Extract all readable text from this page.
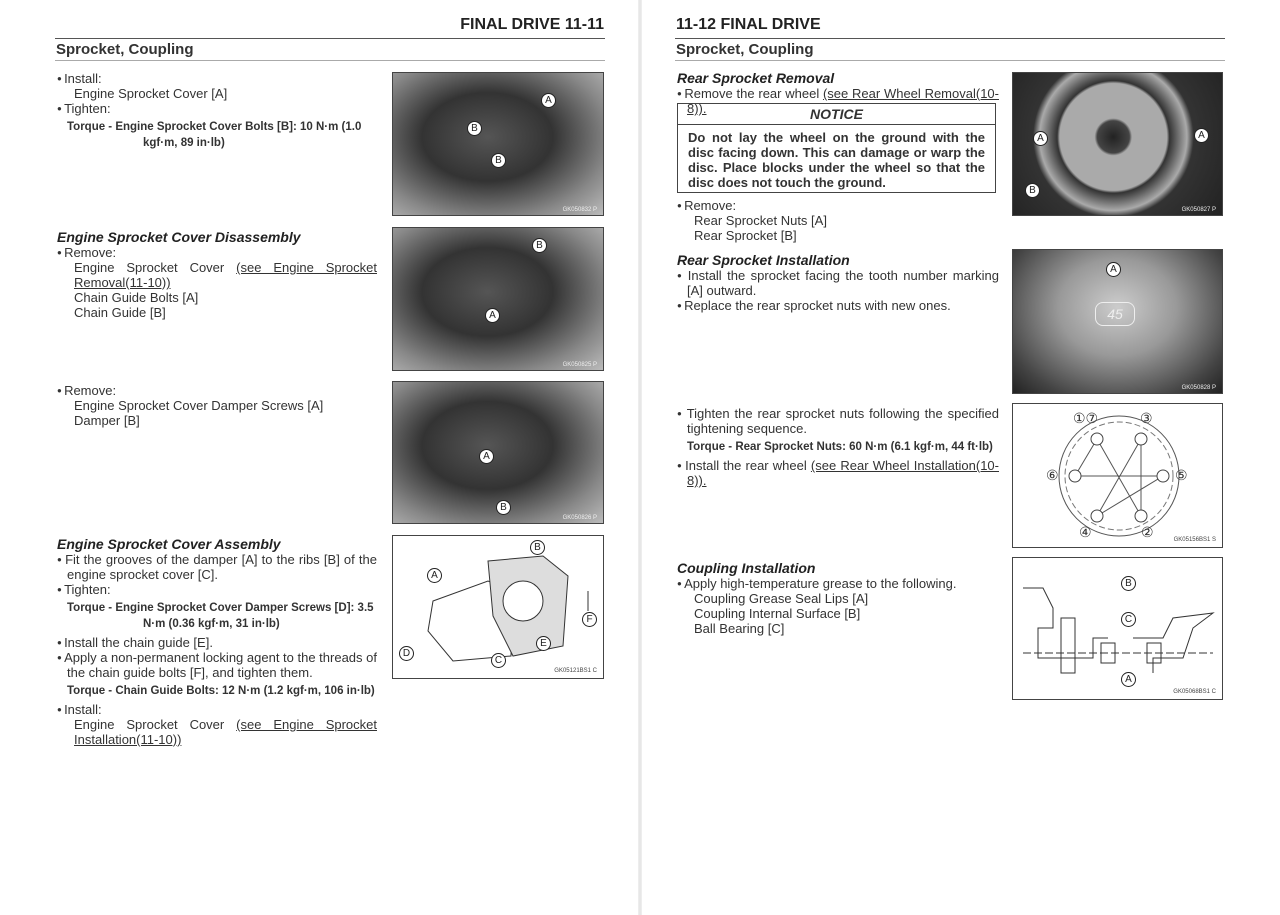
FINAL DRIVE 11-11
Sprocket, Coupling
● Install:
Engine Sprocket Cover [A]
● Tighten:
Torque - Engine Sprocket Cover Bolts [B]: 10 N·m (1.0
kgf·m, 89 in·lb)
A
B
B
GK050832 P
Engine Sprocket Cover Disassembly
● Remove:
Engine Sprocket Cover (see Engine Sprocket Removal(11-10))
Chain Guide Bolts [A]
Chain Guide [B]
B
A
GK050825 P
● Remove:
Engine Sprocket Cover Damper Screws [A]
Damper [B]
A
B
GK050826 P
Engine Sprocket Cover Assembly
● Fit the grooves of the damper [A] to the ribs [B] of the engine sprocket cover [C].
● Tighten:
Torque - Engine Sprocket Cover Damper Screws [D]: 3.5
N·m (0.36 kgf·m, 31 in·lb)
● Install the chain guide [E].
● Apply a non-permanent locking agent to the threads of the chain guide bolts [F], and tighten them.
Torque - Chain Guide Bolts: 12 N·m (1.2 kgf·m, 106 in·lb)
● Install:
Engine Sprocket Cover (see Engine Sprocket Installation(11-10))
B
A
C
D
E
F
GK05121BS1 C
11-12 FINAL DRIVE
Sprocket, Coupling
Rear Sprocket Removal
● Remove the rear wheel (see Rear Wheel Removal(10-8)).	NOTICE
Do not lay the wheel on the ground with the disc facing down. This can damage or warp the disc. Place blocks under the wheel so that the disc does not touch the ground.
● Remove:
Rear Sprocket Nuts [A]
Rear Sprocket [B]
A	A
B
GK050827 P
Rear Sprocket Installation
● Install the sprocket facing the tooth number marking [A] outward.
● Replace the rear sprocket nuts with new ones.
A
45
GK050828 P
● Tighten the rear sprocket nuts following the specified tightening sequence.
Torque - Rear Sprocket Nuts: 60 N·m (6.1 kgf·m, 44 ft·lb)
● Install the rear wheel (see Rear Wheel Installation(10-8)).
①⑦	③
⑥	⑤
④	②	GK05156BS1 S
Coupling Installation
● Apply high-temperature grease to the following.
Coupling Grease Seal Lips [A]
Coupling Internal Surface [B]
Ball Bearing [C]
B
C
A
GK05068BS1 C
